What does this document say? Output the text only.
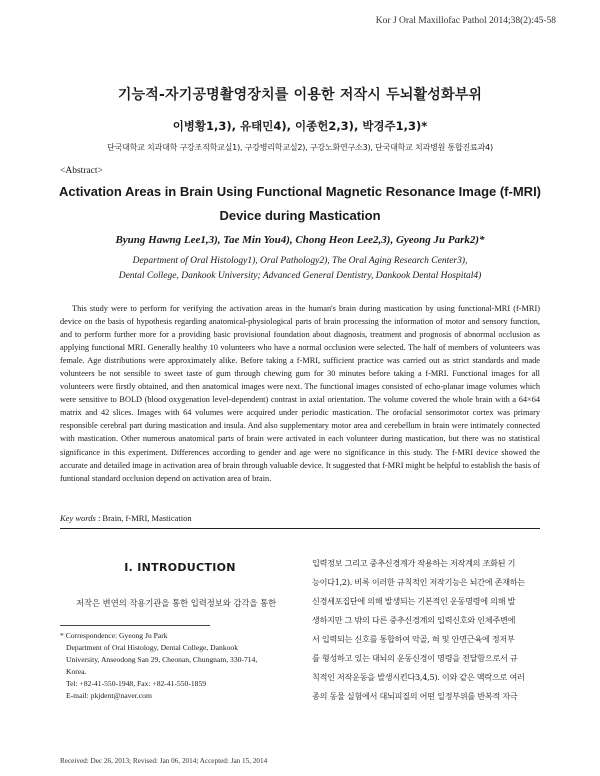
Kor J Oral Maxillofac Pathol 2014;38(2):45-58
기능적-자기공명촬영장치를 이용한 저작시 두뇌활성화부위
이병황1,3), 유태민4), 이종헌2,3), 박경주1,3)*
단국대학교 치과대학 구강조직학교실1), 구강병리학교실2), 구강노화연구소3), 단국대학교 치과병원 통합진료과4)
<Abstract>
Activation Areas in Brain Using Functional Magnetic Resonance Image (f-MRI)
Device during Mastication
Byung Hawng Lee1,3), Tae Min You4), Chong Heon Lee2,3), Gyeong Ju Park2)*
Department of Oral Histology1), Oral Pathology2), The Oral Aging Research Center3),
Dental College, Dankook University; Advanced General Dentistry, Dankook Dental Hospital4)

This study were to perform for verifying the activation areas in the human's brain during mastication by using functional-MRI (f-MRI) device on the basis of hypothesis regarding anatomical-physiological parts of brain processing the information of motor and sensory function, and to perform further more for a providing basic provisional foundation about diagnosis, treatment and prognosis of abnormal occlusion as applying functional MRI. Generally healthy 10 volunteers who have a normal occlusion were selected. The half of members of volunteers was female. Age distributions were approximately alike. Before taking a f-MRI, sufficient practice was carried out as strict standards and made volunteers be not sensible to sweet taste of gum through chewing gum for 30 minutes before taking a f-MRI. Functional images for all volunteers were firstly obtained, and then anatomical images were next. The functional images consisted of echo-planar image volumes which were sensitive to BOLD (blood oxygenation level-dependent) contrast in axial orientation. The volume covered the whole brain with a 64×64 matrix and 42 slices. Images with 64 volumes were acquired under periodic mastication. The orofacial sensorimotor cortex was primary responsible cerebral part during mastication and insula. And also supplementary motor area and cerebellum in brain were intimately connected with mastication. Other numerous anatomical parts of brain were activated in each volunteer during mastication, but there was no statistical significance in this experiment. Differences according to gender and age were no significance in this study. The f-MRI device showed the accurate and detailed image in activation area of brain through valuable device. It suggested that f-MRI might be helpful to establish the basis of funtional standard occlusion depend on activation area of brain.

Key words : Brain, f-MRI, Mastication
Ⅰ. INTRODUCTION
저작은 변연의 작용기관을 통한 입력정보와 감각을 통한
* Correspondence: Gyeong Ju Park
Department of Oral Histology, Dental College, Dankook
University, Anseodong San 29, Cheonan, Chungnam, 330-714,
Korea.
Tel: +82-41-550-1948, Fax: +82-41-550-1859
E-mail: pkjdent@naver.com
Received: Dec 26, 2013; Revised: Jan 06, 2014; Accepted: Jan 15, 2014
입력정보 그리고 중추신경계가 작용하는 저작계의 조화된 기
능이다1,2). 비록 이러한 규칙적인 저작기능은 뇌간에 존재하는
신경세포집단에 의해 발생되는 기본적인 운동명령에 의해 발
생하지만 그 밖의 다른 중추신경계의 입력신호와 인체주변에
서 입력되는 신호를 통합하여 악골, 혀 및 안면근육에 정저부
를 형성하고 있는 대뇌의 운동신경이 명령을 전달함으로서 규
칙적인 저작운동을 발생시킨다3,4,5). 이와 같은 맥락으로 여러
종의 동물 실험에서 대뇌피질의 어떤 일정부위를 반복적 자극
